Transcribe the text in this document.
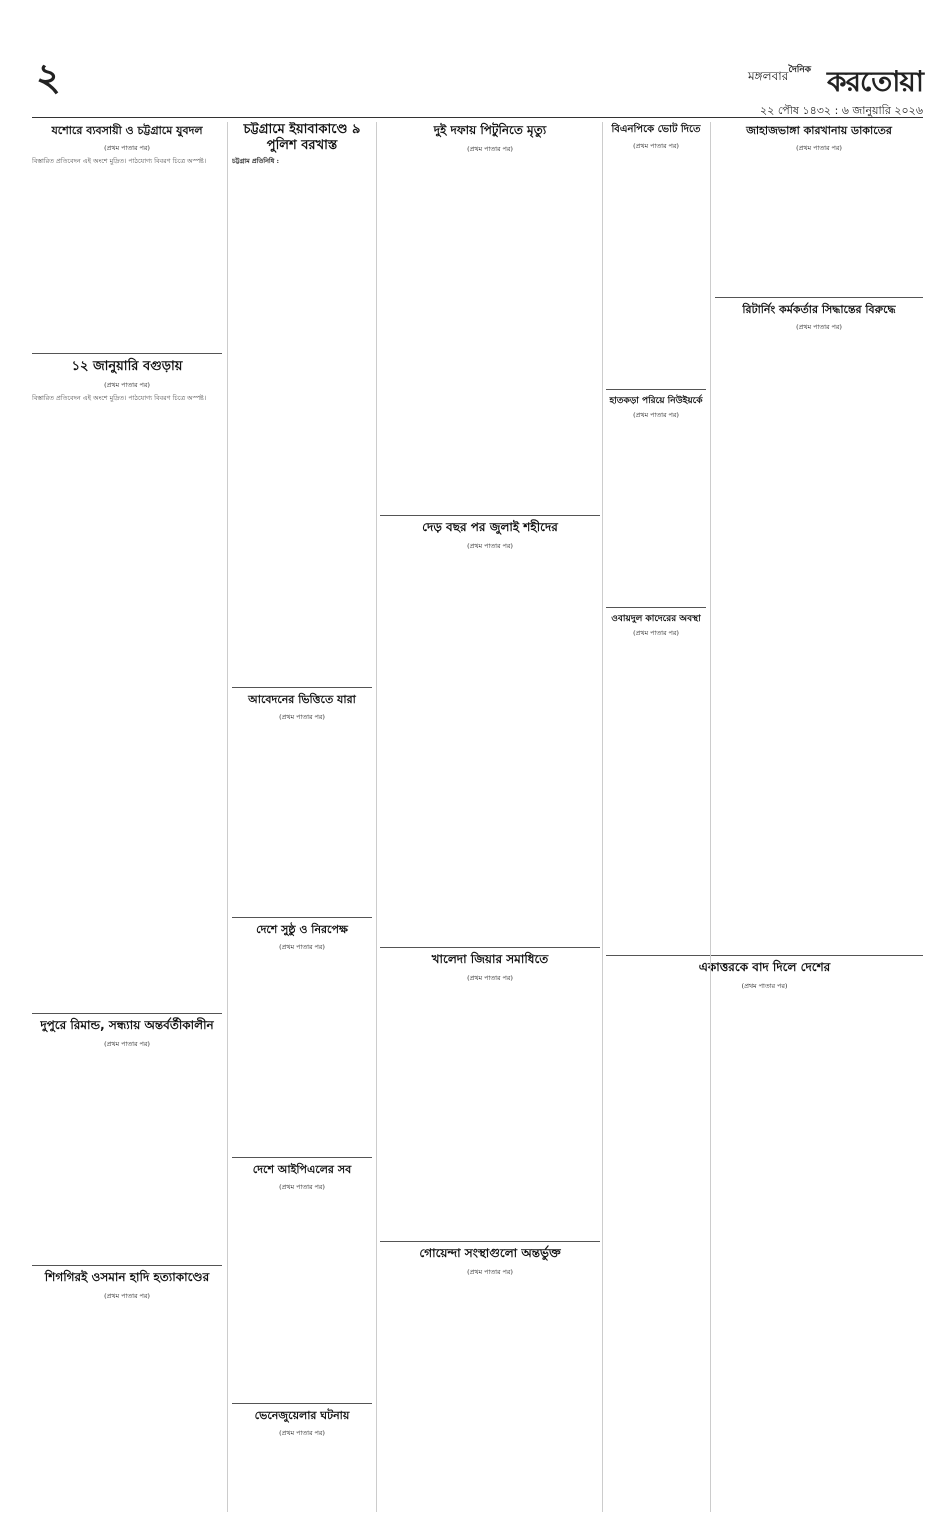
২	মঙ্গলবার দৈনিক করতোয়া
২২ পৌষ ১৪৩২ : ৬ জানুয়ারি ২০২৬
যশোরে ব্যবসায়ী ও চট্টগ্রামে যুবদল
(প্রথম পাতার পর)
বিস্তারিত প্রতিবেদন এই অংশে মুদ্রিত। পাঠযোগ্য বিবরণ চিত্রে অস্পষ্ট।
১২ জানুয়ারি বগুড়ায়
(প্রথম পাতার পর)
বিস্তারিত প্রতিবেদন এই অংশে মুদ্রিত। পাঠযোগ্য বিবরণ চিত্রে অস্পষ্ট।
দুপুরে রিমান্ড, সন্ধ্যায় অন্তর্বর্তীকালীন
(প্রথম পাতার পর)
শিগগিরই ওসমান হাদি হত্যাকাণ্ডের
(প্রথম পাতার পর)
চট্টগ্রামে ইয়াবাকাণ্ডে ৯ পুলিশ বরখাস্ত
চট্টগ্রাম প্রতিনিধি :
আবেদনের ভিত্তিতে যারা
(প্রথম পাতার পর)
দেশে সুষ্ঠু ও নিরপেক্ষ
(প্রথম পাতার পর)
দেশে আইপিএলের সব
(প্রথম পাতার পর)
ভেনেজুয়েলার ঘটনায়
(প্রথম পাতার পর)
দুই দফায় পিটুনিতে মৃত্যু
(প্রথম পাতার পর)
দেড় বছর পর জুলাই শহীদের
(প্রথম পাতার পর)
খালেদা জিয়ার সমাধিতে
(প্রথম পাতার পর)
গোয়েন্দা সংস্থাগুলো অন্তর্ভুক্ত
(প্রথম পাতার পর)
বিএনপিকে ভোট দিতে
(প্রথম পাতার পর)
হাতকড়া পরিয়ে নিউইয়র্কে
(প্রথম পাতার পর)
ওবায়দুল কাদেরের অবস্থা
(প্রথম পাতার পর)
জাহাজভাঙ্গা কারখানায় ডাকাতের
(প্রথম পাতার পর)
রিটার্নিং কর্মকর্তার সিদ্ধান্তের বিরুদ্ধে
(প্রথম পাতার পর)
একাত্তরকে বাদ দিলে দেশের
(প্রথম পাতার পর)
